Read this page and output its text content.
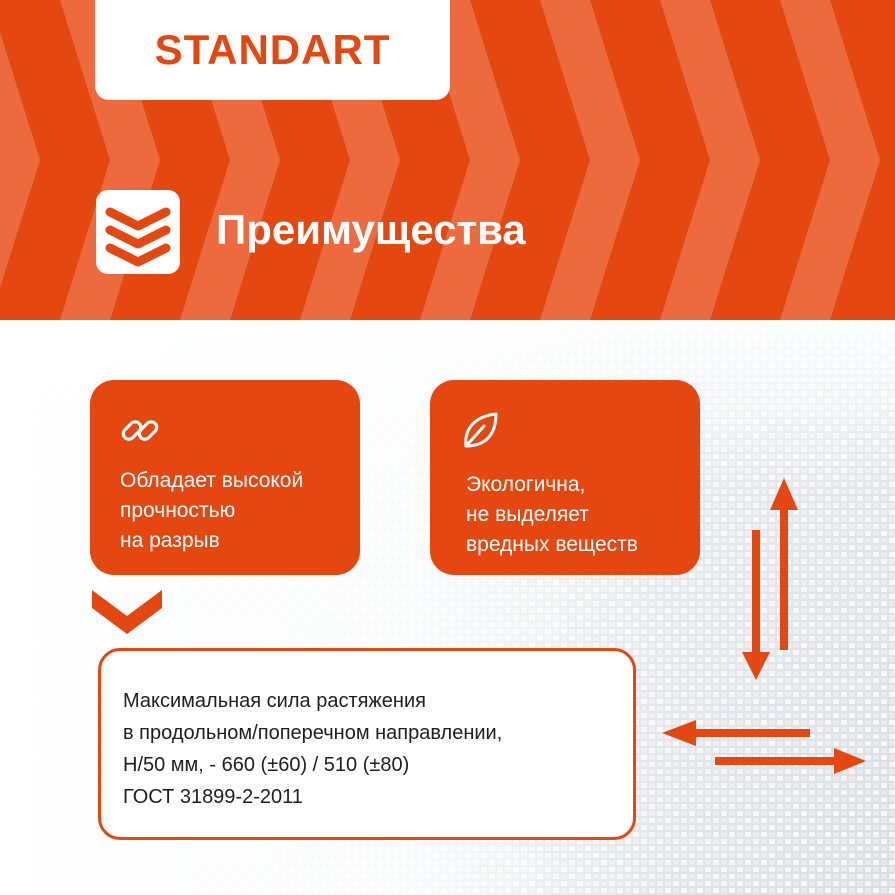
STANDART
Преимущества
Обладает высокой
прочностью
на разрыв
Экологична,
не выделяет
вредных веществ
Максимальная сила растяжения
в продольном/поперечном направлении,
Н/50 мм, - 660 (±60) / 510 (±80)
ГОСТ 31899-2-2011
